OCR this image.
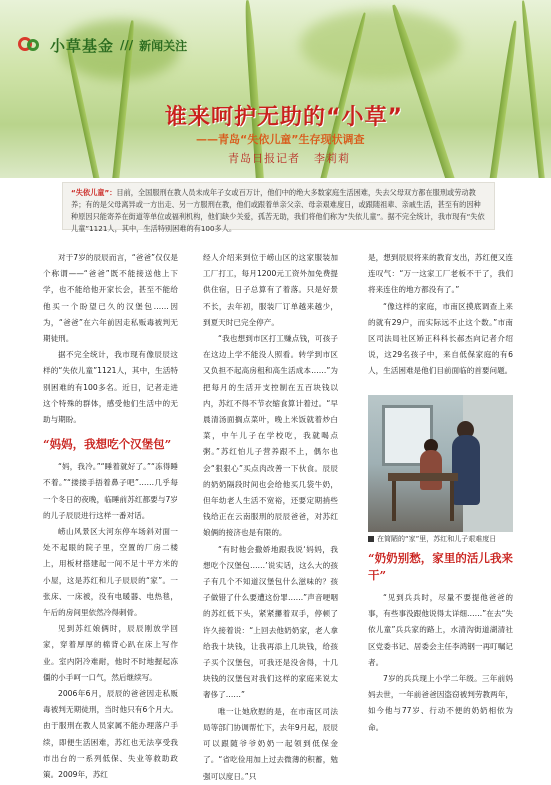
小草基金 /// 新闻关注
谁来呵护无助的“小草”
——青岛“失依儿童”生存现状调查
青岛日报记者 李莉莉
“失依儿童”：目前，全国服刑在教人员未成年子女或百万计，他们中的绝大多数家庭生活困难，失去父母双方都在服刑或劳动教养；有的是父母离异或一方出走、另一方服刑在教，他们或跟着单亲父亲、母亲艰难度日，或跟随祖辈、亲戚生活，甚至有的因种种原因只能寄养在街道等单位或福利机构，他们缺少关爱，孤苦无助，我们将他们称为“失依儿童”。据不完全统计，我市现有“失依儿童”1121人，其中，生活特别困难的有100多人。

对于7岁的辰辰而言，“爸爸”仅仅是个称谓——“爸爸”既不能接送他上下学，也不能给他开家长会，甚至不能给他买一个盼望已久的汉堡包……因为，“爸爸”在六年前因走私贩毒被判无期徒刑。

据不完全统计，我市现有像辰辰这样的“失依儿童”1121人，其中，生活特别困难的有100多名。近日，记者走进这个特殊的群体，感受他们生活中的无助与期盼。

“妈妈，我想吃个汉堡包”

“妈，我冷。”“睡着就好了。”“冻得睡不着。”“搂搂手捂着鼻子吧”……几乎每一个冬日的夜晚，临睡前苏红都要与7岁的儿子辰辰进行这样一番对话。

崂山风景区大河东停车场斜对面一处不起眼的院子里，空置的厂房二楼上，用板材搭建起一间不足十平方米的小屋，这是苏红和儿子辰辰的“家”。一张床、一床被，没有电暖器、电热毯，午后的房间里依然冷得刺骨。

见到苏红娘俩时，辰辰刚放学回家，穿着厚厚的棉背心趴在床上写作业。室内阴冷难耐，他时不时地握起冻僵的小手呵一口气，然后继续写。

2006年6月，辰辰的爸爸因走私贩毒被判无期徒刑，当时他只有6个月大。由于服刑在教人员家属不能办理落户手续，即便生活困难，苏红也无法享受我市出台的一系列低保、失业等救助政策。2009年，苏红

经人介绍来到位于崂山区的这家服装加工厂打工，每月1200元工资外加免费提供住宿，日子总算有了着落。只是好景不长，去年初，服装厂订单越来越少，到夏天时已完全停产。

“我也想到市区打工赚点钱，可孩子在这边上学不能没人照看。转学到市区又负担不起高房租和高生活成本……”为把每月的生活开支控制在五百块钱以内，苏红不得不节衣缩食算计着过。“早晨清汤面搁点菜叶，晚上米饭就着炒白菜，中午儿子在学校吃，我就喝点粥。”苏红怕儿子营养跟不上，偶尔也会“狠狠心”买点肉改善一下伙食。辰辰的奶奶隔段时间也会给他买几袋牛奶，但年幼老人生活不宽裕，还要定期捎些钱给正在云南服刑的辰辰爸爸，对苏红娘俩的接济也是有限的。

“有时他会撒娇地跟我说‘妈妈，我想吃个汉堡包……’说实话，这么大的孩子有几个不知道汉堡包什么滋味的？孩子做错了什么要遭这份罪……”声音哽咽的苏红低下头，紧紧攥着双手，停顿了许久接着说：“上回去他奶奶家，老人拿给我十块钱，让我再添上几块钱，给孩子买个汉堡包，可我还是没舍得，十几块钱的汉堡包对我们这样的家庭来说太奢侈了……”

唯一让她欣慰的是，在市南区司法局等部门协调帮忙下，去年9月起，辰辰可以跟随爷爷奶奶一起领到低保金了。“省吃俭用加上过去微薄的积蓄，勉强可以度日。”只

是，想到辰辰将来的教育支出，苏红便又连连叹气：“万一这家工厂老板不干了，我们将来连住的地方都没有了。”

“像这样的家庭，市南区摸底调查上来的就有29户，而实际远不止这个数。”市南区司法局社区矫正科科长郝杰向记者介绍说，这29名孩子中，来自低保家庭的有6人，生活困难是他们目前面临的首要问题。

在简陋的“家”里，苏红和儿子艰难度日
“奶奶别愁，家里的活儿我来干”

“见到兵兵时，尽量不要提他爸爸的事，有些事没跟他说得太详细……”在去“失依儿童”兵兵家的路上，水清沟街道湖清社区党委书记、居委会主任李鸿钢一再叮嘱记者。

7岁的兵兵现上小学二年级。三年前妈妈去世，一年前爸爸因盗窃被判劳教两年，如今他与77岁、行动不便的奶奶相依为命。
